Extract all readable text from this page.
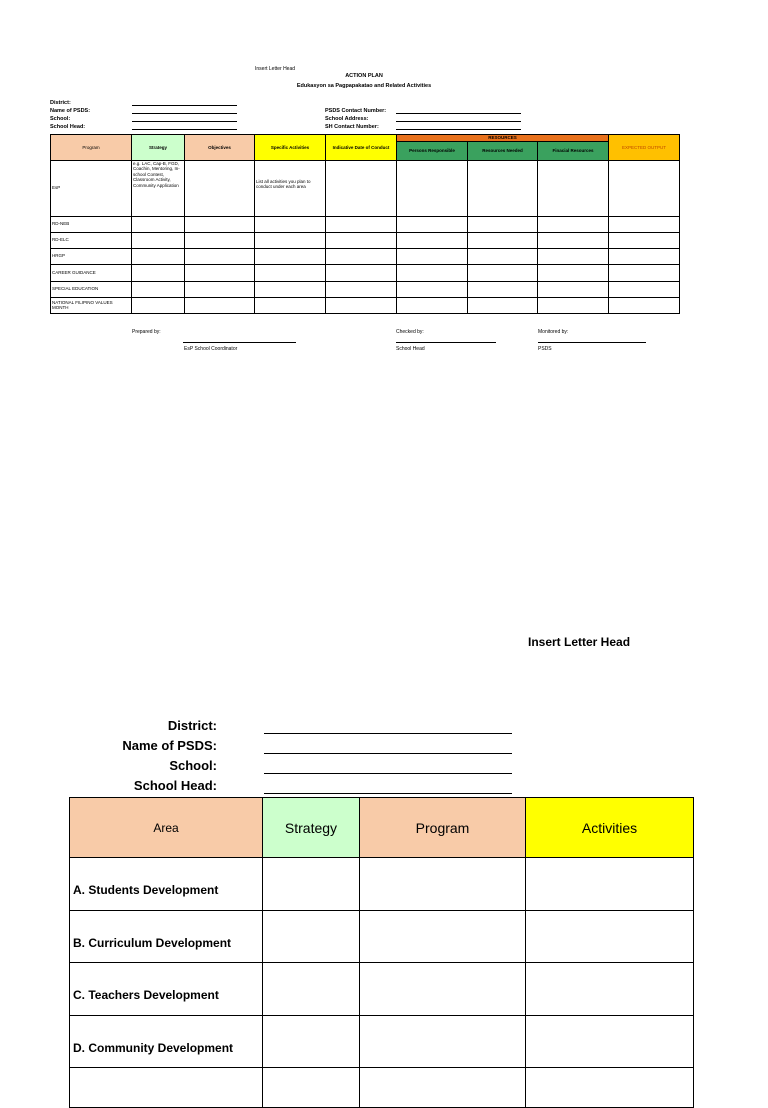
Insert Letter Head
ACTION PLAN
Edukasyon sa Pagpapakatao and Related Activities
District:
Name of PSDS:
School:
School Head:
PSDS Contact Number:
School Address:
SH Contact Number:
Program	Strategy	Objectives	Specific Activities	Indicative Date of Conduct	RESOURCES			EXPECTED OUTPUT
					Persons Responsible	Resources Needed	Finacial Resources	
EsP	e.g. LAC, Cap-B, FGD, Coachin, Mentoring, In-school Contest, Classroom Activity, Community Application		List all activities you plan to conduct under each area					
RD-NEB								
RD-ELC								
HRGP								
CAREER GUIDANCE								
SPECIAL EDUCATION								
NATIONAL FILIPINO VALUES MONTH								
Prepared by:
EsP School Coordinator
Checked by:
School Head
Monitored by:
PSDS
Insert Letter Head
District:
Name of PSDS:
School:
School Head:
Area	Strategy	Program	Activities
A. Students Development			
B. Curriculum Development			
C. Teachers Development			
D. Community Development			
